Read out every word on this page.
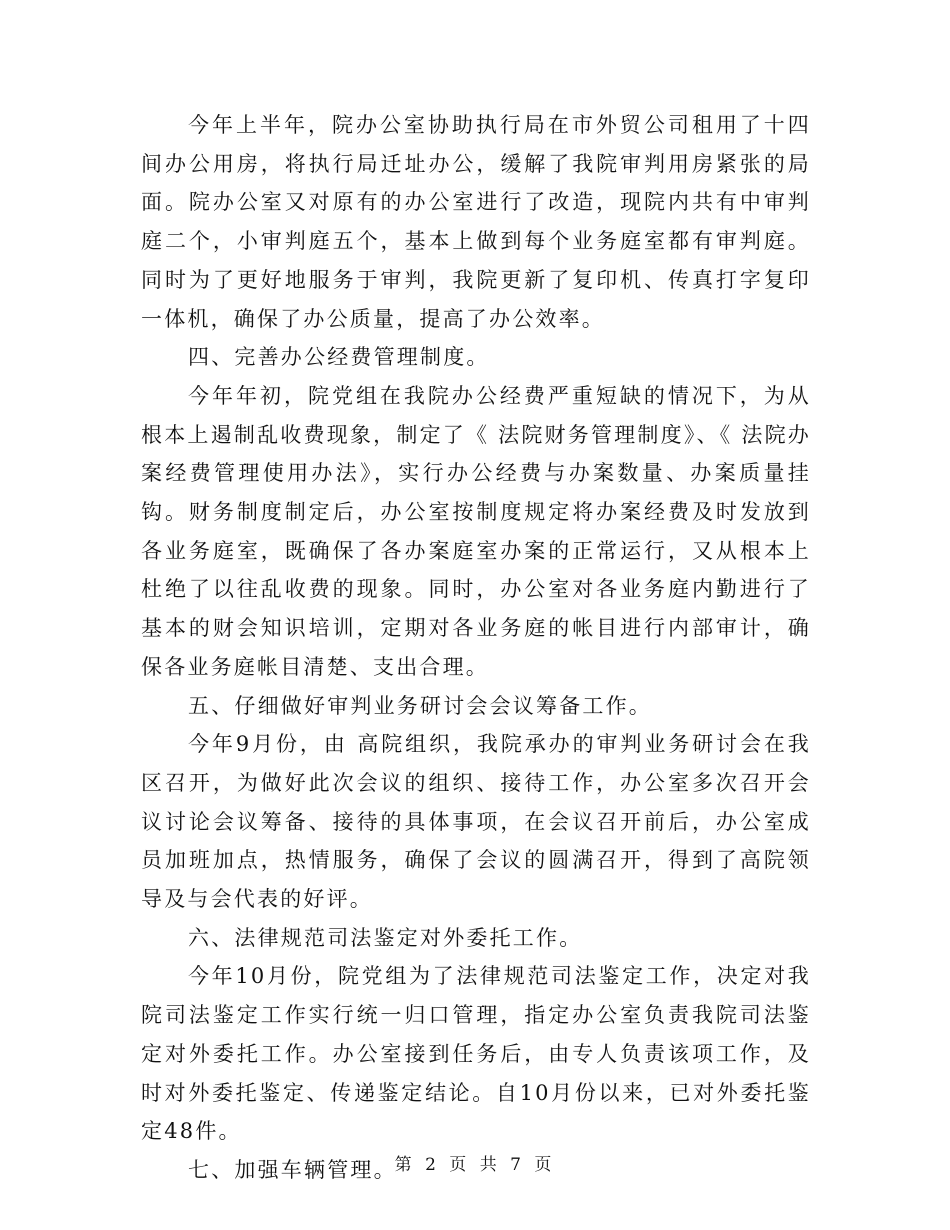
今年上半年，院办公室协助执行局在市外贸公司租用了十四间办公用房，将执行局迁址办公，缓解了我院审判用房紧张的局面。院办公室又对原有的办公室进行了改造，现院内共有中审判庭二个，小审判庭五个，基本上做到每个业务庭室都有审判庭。同时为了更好地服务于审判，我院更新了复印机、传真打字复印一体机，确保了办公质量，提高了办公效率。

四、完善办公经费管理制度。

今年年初，院党组在我院办公经费严重短缺的情况下，为从根本上遏制乱收费现象，制定了《 法院财务管理制度》、《 法院办案经费管理使用办法》，实行办公经费与办案数量、办案质量挂钩。财务制度制定后，办公室按制度规定将办案经费及时发放到各业务庭室，既确保了各办案庭室办案的正常运行，又从根本上杜绝了以往乱收费的现象。同时，办公室对各业务庭内勤进行了基本的财会知识培训，定期对各业务庭的帐目进行内部审计，确保各业务庭帐目清楚、支出合理。

五、仔细做好审判业务研讨会会议筹备工作。

今年9月份，由 高院组织，我院承办的审判业务研讨会在我区召开，为做好此次会议的组织、接待工作，办公室多次召开会议讨论会议筹备、接待的具体事项，在会议召开前后，办公室成员加班加点，热情服务，确保了会议的圆满召开，得到了高院领导及与会代表的好评。

六、法律规范司法鉴定对外委托工作。

今年10月份，院党组为了法律规范司法鉴定工作，决定对我院司法鉴定工作实行统一归口管理，指定办公室负责我院司法鉴定对外委托工作。办公室接到任务后，由专人负责该项工作，及时对外委托鉴定、传递鉴定结论。自10月份以来，已对外委托鉴定48件。

七、加强车辆管理。

第 2 页 共 7 页
